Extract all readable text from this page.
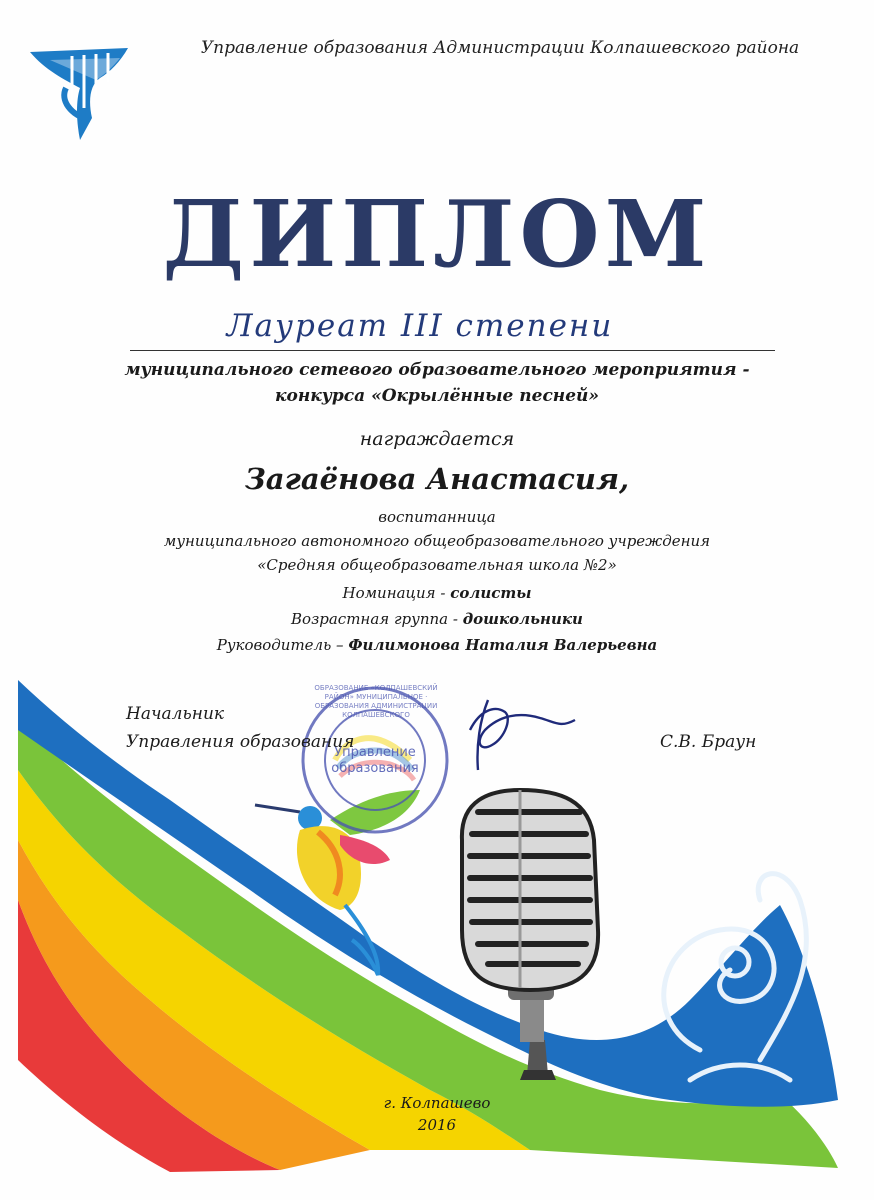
ОБРАЗОВАНИЕ «КОЛПАШЕВСКИЙ РАЙОН» МУНИЦИПАЛЬНОЕ · ОБРАЗОВАНИЯ АДМИНИСТРАЦИИ КОЛПАШЕВСКОГО
Управление
образования
Управление образования Администрации Колпашевского района
ДИПЛОМ
Лауреат III степени
муниципального сетевого образовательного мероприятия -
конкурса «Окрылённые песней»
награждается
Загаёнова Анастасия,
воспитанница
муниципального автономного общеобразовательного учреждения
«Средняя общеобразовательная школа №2»
Номинация - солисты
Возрастная группа - дошкольники
Руководитель – Филимонова Наталия Валерьевна
Начальник
Управления образования	С.В. Браун
г. Колпашево
2016
